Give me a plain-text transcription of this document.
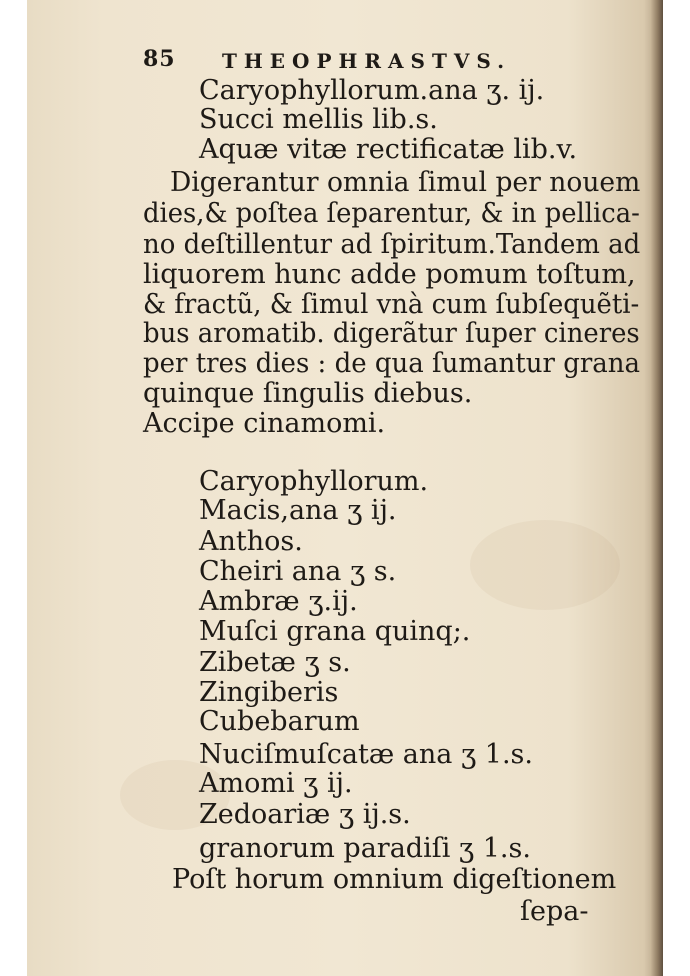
85 THEOPHRASTVS.
Caryophyllorum.ana ʒ. ij.
Succi mellis lib.s.
Aquæ vitæ rectificatæ lib.v.
Digerantur omnia ſimul per nouem
dies,& poſtea ſeparentur, & in pellica-
no deſtillentur ad ſpiritum.Tandem ad
liquorem hunc adde pomum toſtum,
& fractũ, & ſimul vnà cum ſubſequẽti-
bus aromatib. digerãtur ſuper cineres
per tres dies : de qua ſumantur grana
quinque ſingulis diebus.
Accipe cinamomi.
Caryophyllorum.
Macis,ana ʒ ij.
Anthos.
Cheiri ana ʒ s.
Ambræ ʒ.ij.
Muſci grana quinq;.
Zibetæ ʒ s.
Zingiberis
Cubebarum
Nuciſmuſcatæ ana ʒ 1.s.
Amomi ʒ ij.
Zedoariæ ʒ ij.s.
granorum paradiſi ʒ 1.s.
Poſt horum omnium digeſtionem
ſepa-
